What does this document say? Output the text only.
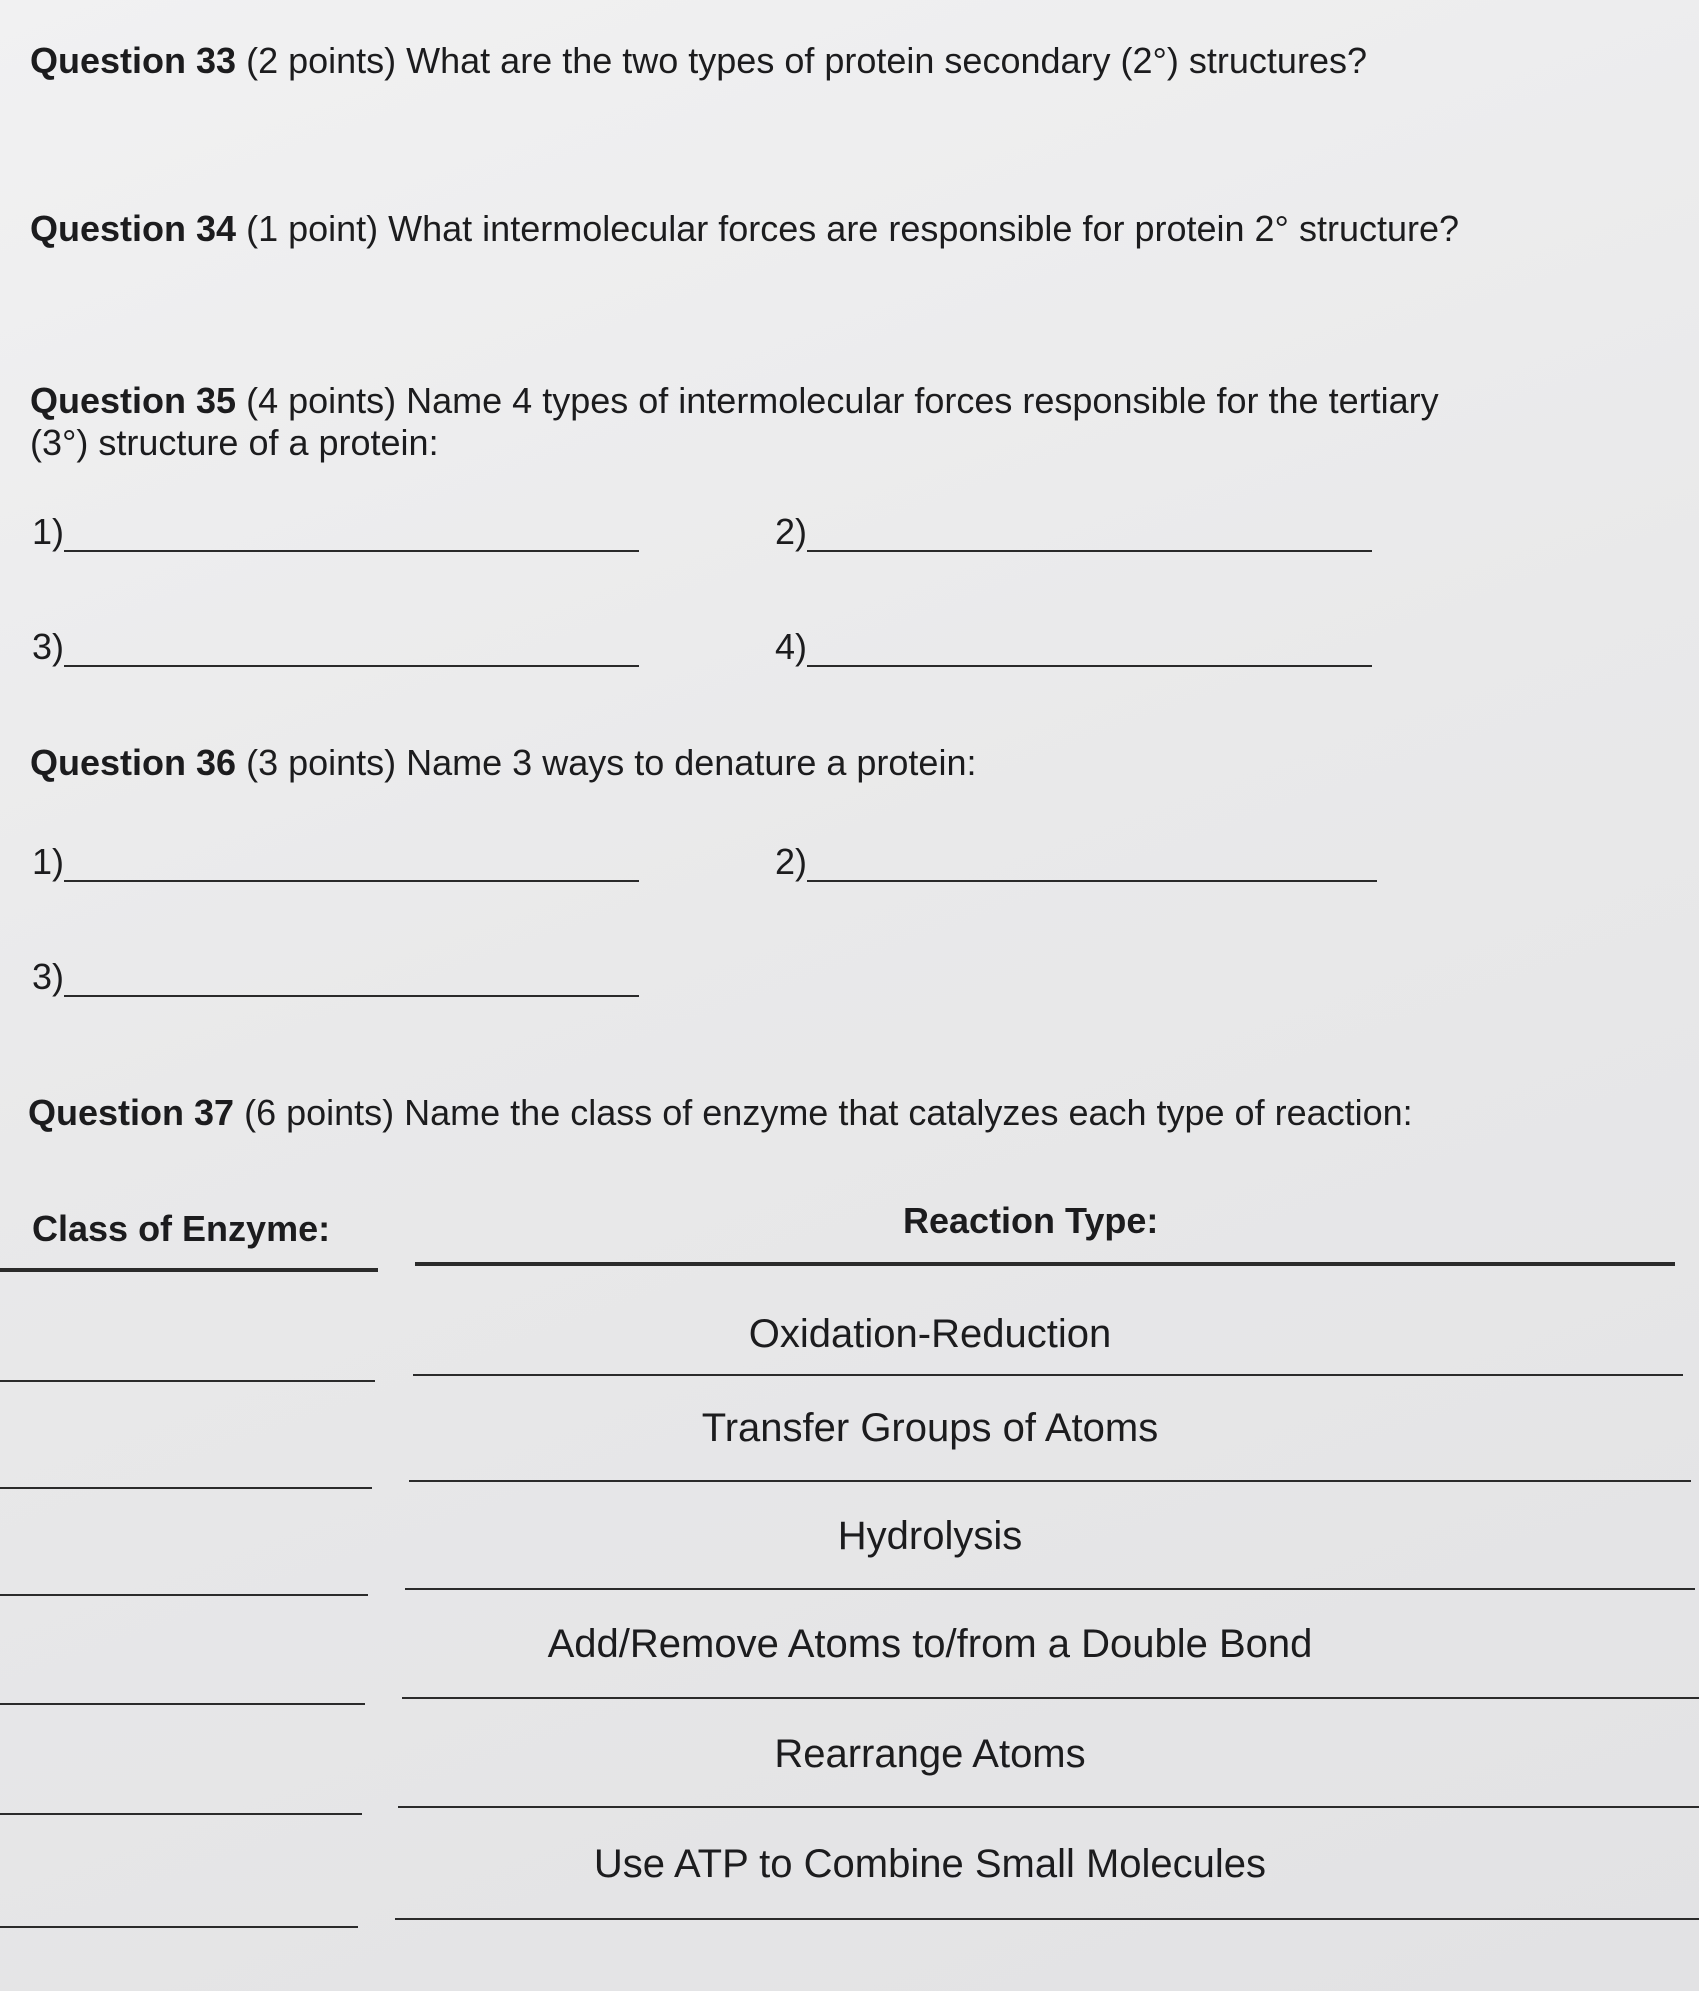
Question 33 (2 points) What are the two types of protein secondary (2°) structures?

Question 34 (1 point) What intermolecular forces are responsible for protein 2° structure?

Question 35 (4 points) Name 4 types of intermolecular forces responsible for the tertiary
(3°) structure of a protein:

1)	2)
3)	4)

Question 36 (3 points) Name 3 ways to denature a protein:

1)	2)
3)

Question 37 (6 points) Name the class of enzyme that catalyzes each type of reaction:

Class of Enzyme:	Reaction Type:
Oxidation-Reduction
Transfer Groups of Atoms
Hydrolysis
Add/Remove Atoms to/from a Double Bond
Rearrange Atoms
Use ATP to Combine Small Molecules
